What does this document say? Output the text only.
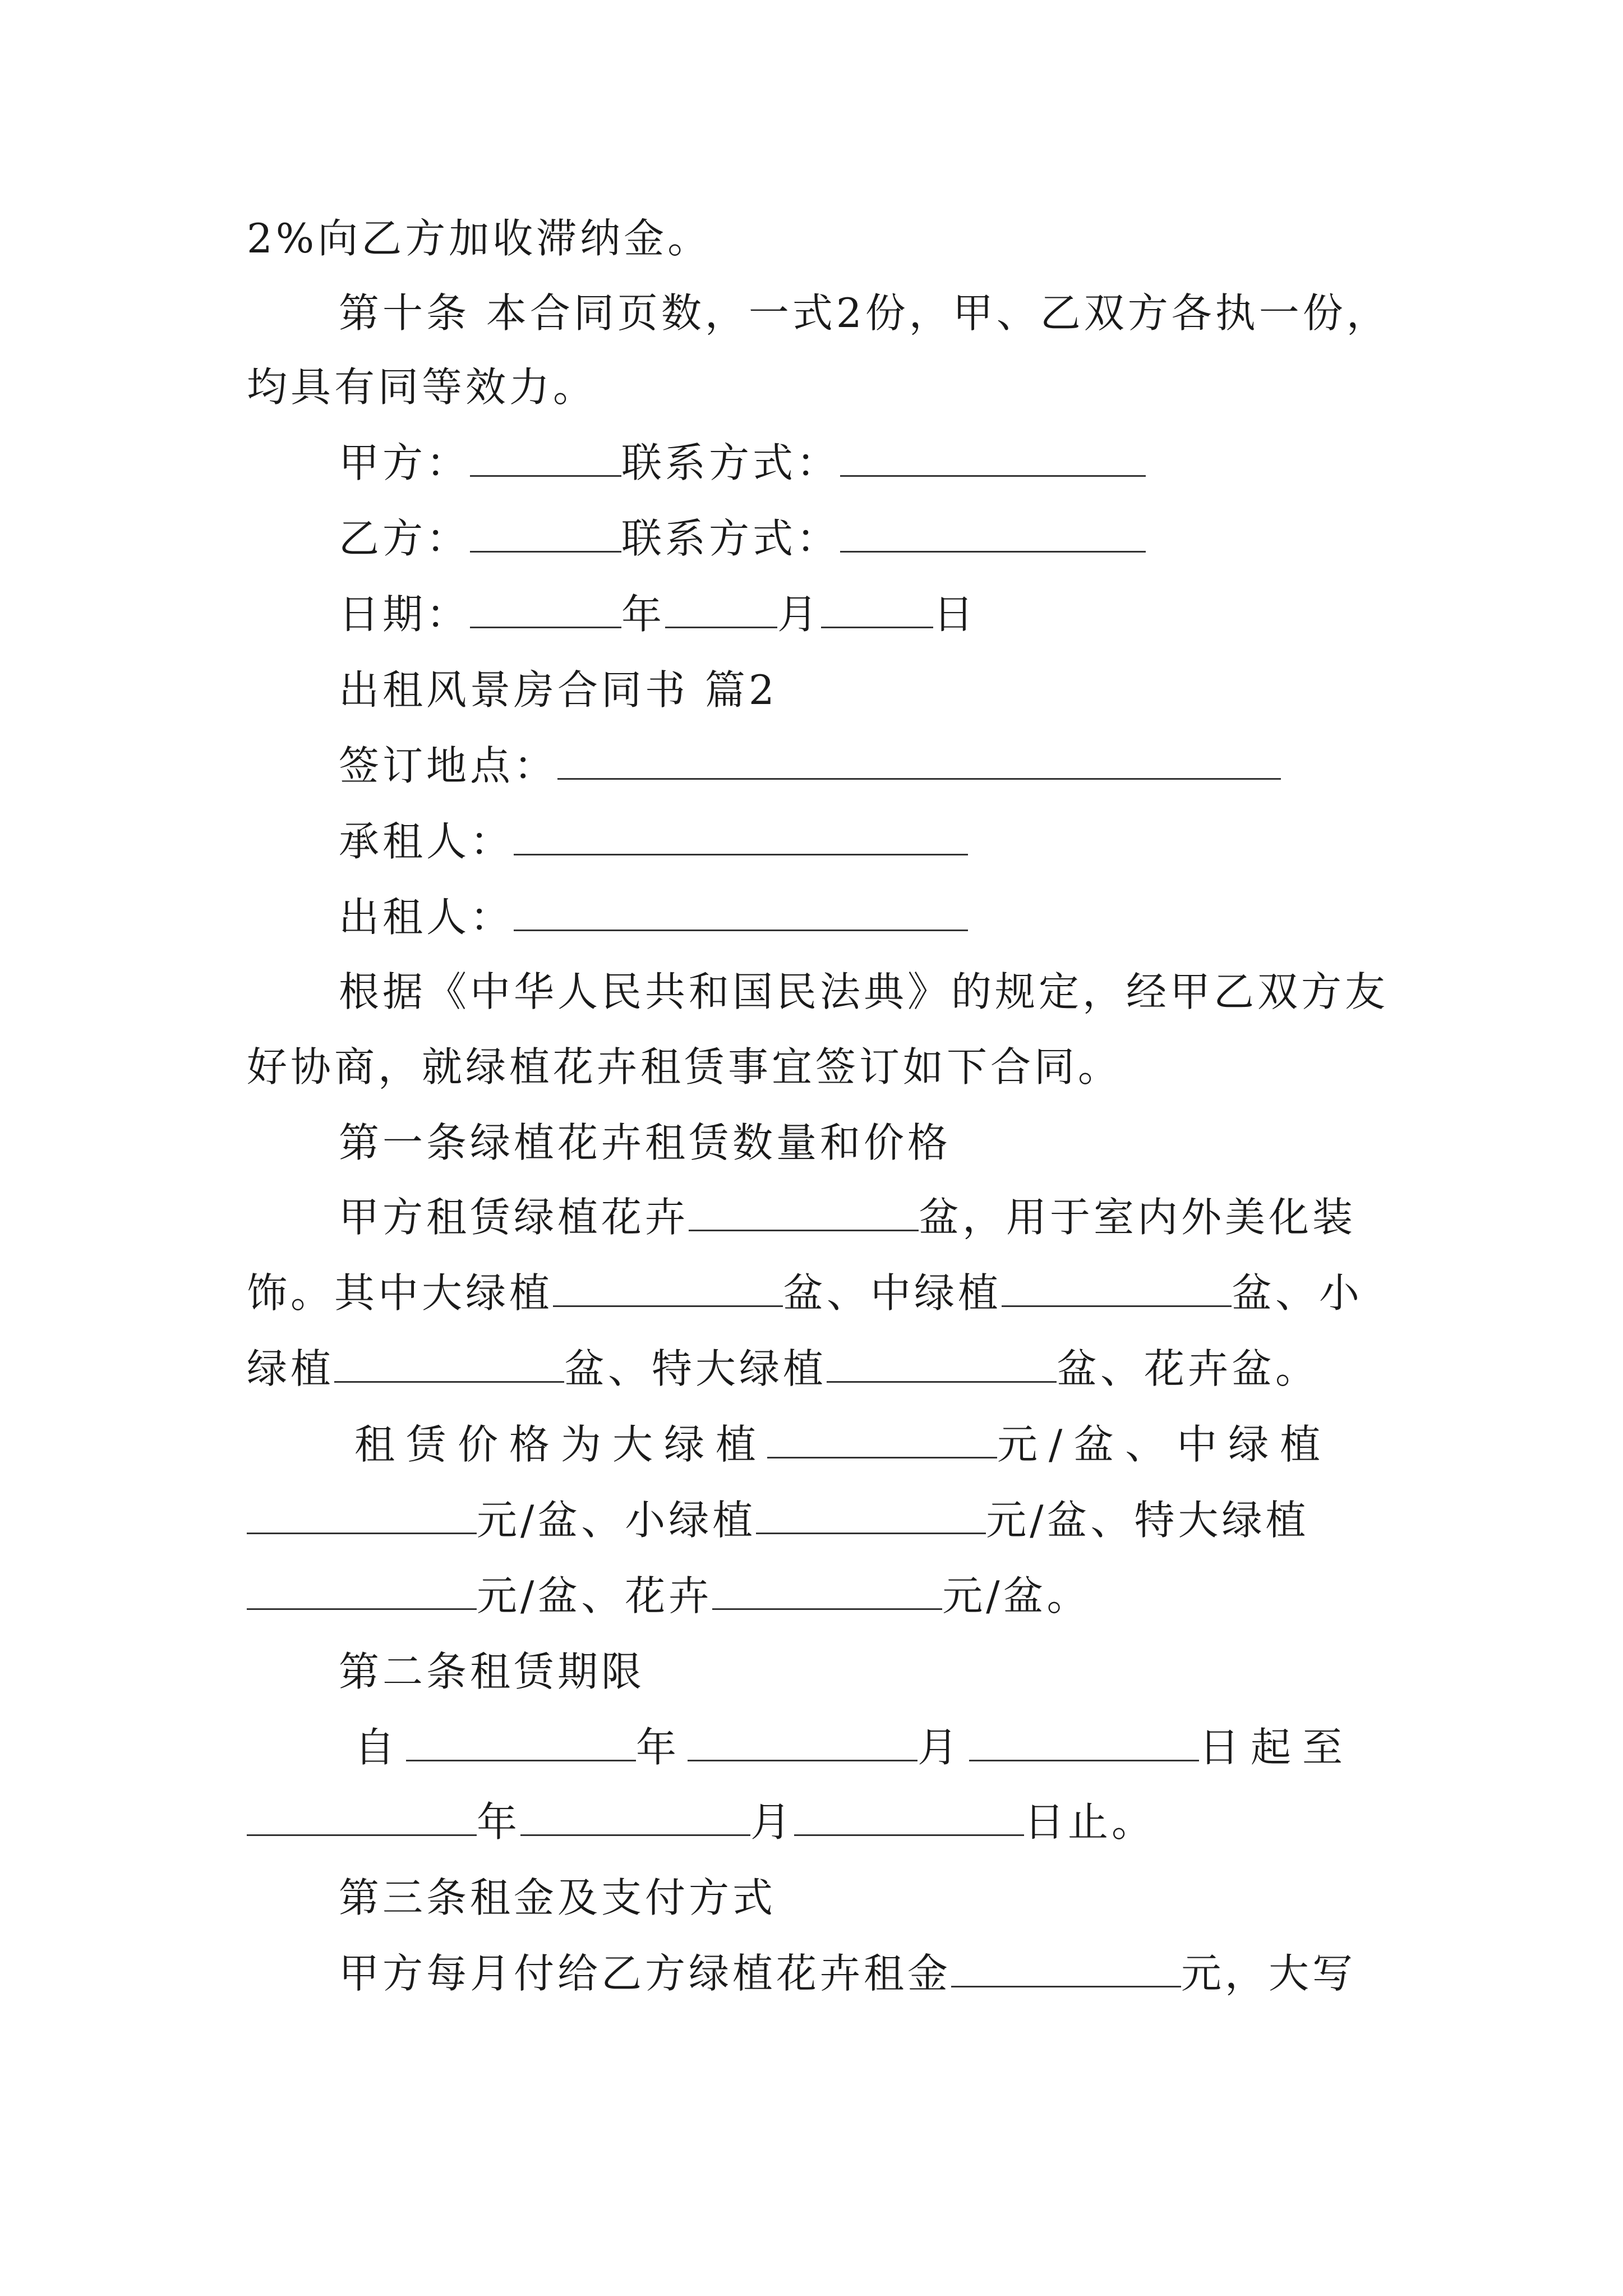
2%向乙方加收滞纳金。
第十条 本合同页数，一式2份，甲、乙双方各执一份，
均具有同等效力。
甲方：	联系方式：
乙方：	联系方式：
日期：	年	月	日
出租风景房合同书 篇2
签订地点：
承租人：
出租人：
根据《中华人民共和国民法典》的规定，经甲乙双方友
好协商，就绿植花卉租赁事宜签订如下合同。
第一条绿植花卉租赁数量和价格
甲方租赁绿植花卉	盆，用于室内外美化装
饰。其中大绿植	盆、中绿植	盆、小
绿植	盆、特大绿植	盆、花卉盆。
租赁价格为大绿植	元/盆、中绿植
元/盆、小绿植	元/盆、特大绿植
元/盆、花卉	元/盆。
第二条租赁期限
自	年	月	日起至
年	月	日止。
第三条租金及支付方式
甲方每月付给乙方绿植花卉租金	元，大写
